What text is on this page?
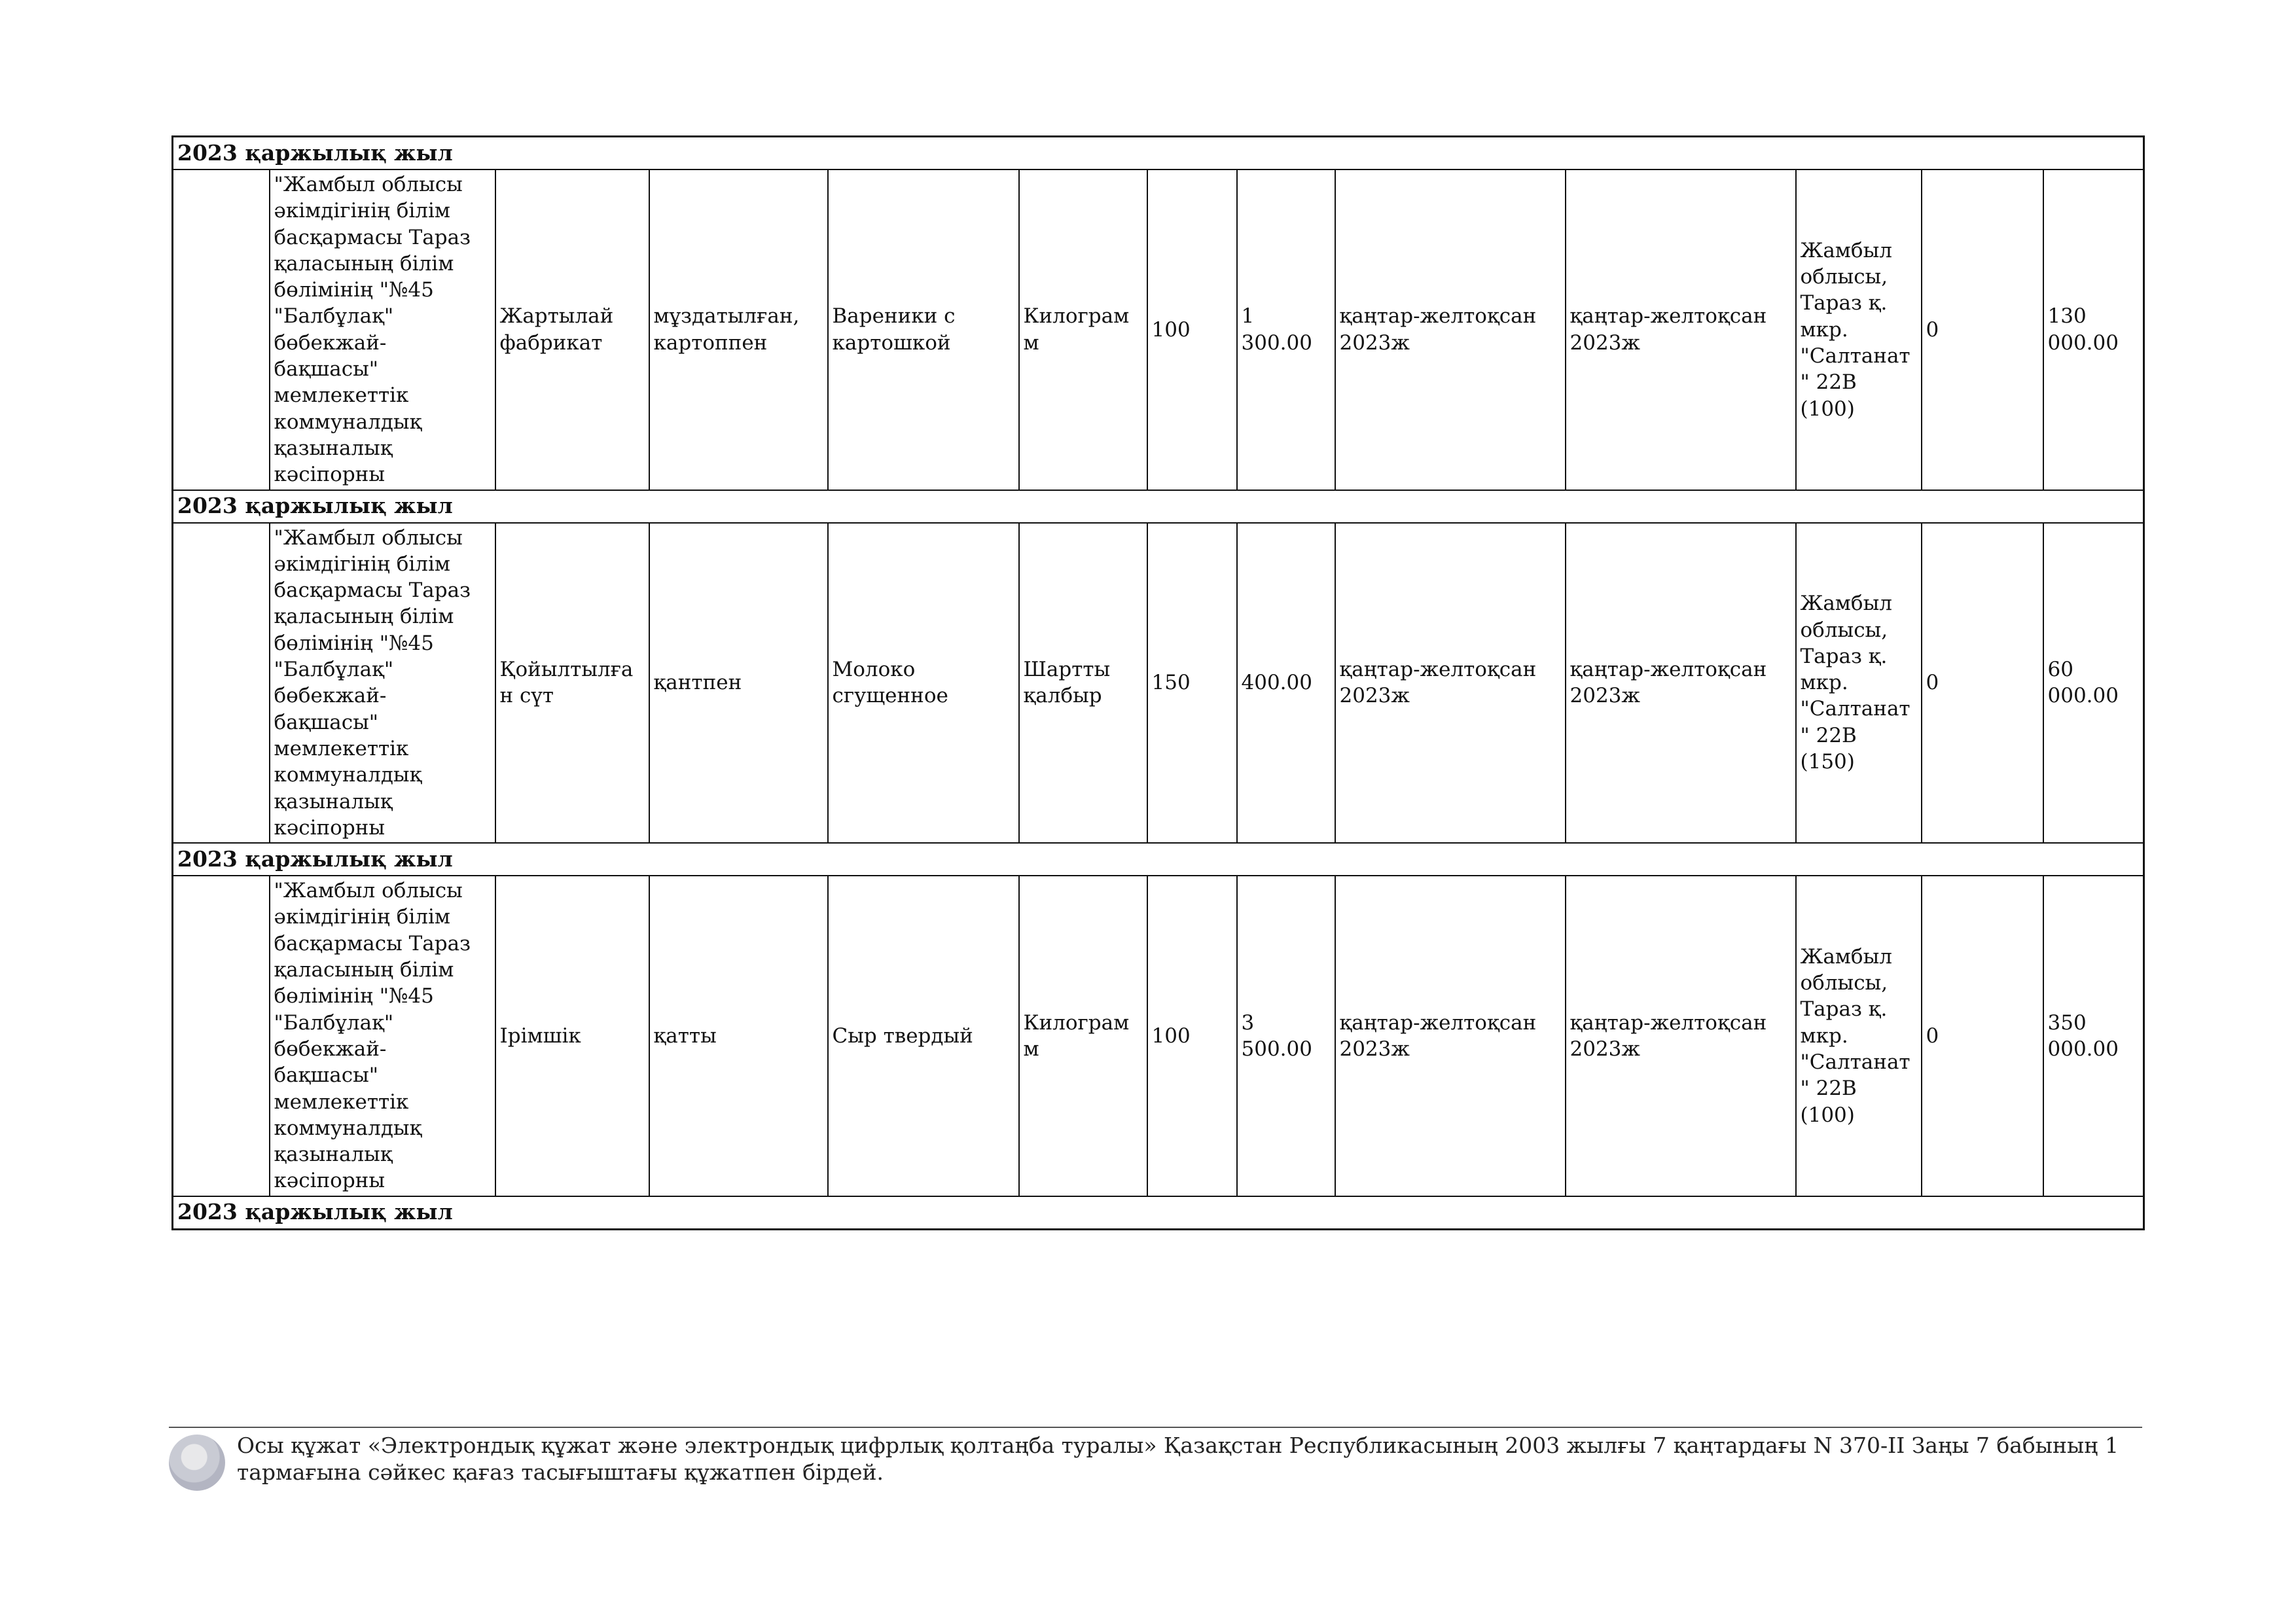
2023 қаржылық жыл												
	"Жамбыл облысы әкімдігінің білім басқармасы Тараз қаласының білім бөлімінің "№45 "Балбұлақ" бөбекжай-бақшасы" мемлекеттік коммуналдық қазыналық кәсіпорны	Жартылай фабрикат	мұздатылған, картоппен	Вареники с картошкой	Килограмм	100	1 300.00	қаңтар-желтоқсан 2023ж	қаңтар-желтоқсан 2023ж	Жамбыл облысы, Тараз қ. мкр. "Салтанат" 22В (100)	0	130 000.00
2023 қаржылық жыл												
	"Жамбыл облысы әкімдігінің білім басқармасы Тараз қаласының білім бөлімінің "№45 "Балбұлақ" бөбекжай-бақшасы" мемлекеттік коммуналдық қазыналық кәсіпорны	Қойылтылған сүт	қантпен	Молоко сгущенное	Шартты қалбыр	150	400.00	қаңтар-желтоқсан 2023ж	қаңтар-желтоқсан 2023ж	Жамбыл облысы, Тараз қ. мкр. "Салтанат" 22В (150)	0	60 000.00
2023 қаржылық жыл												
	"Жамбыл облысы әкімдігінің білім басқармасы Тараз қаласының білім бөлімінің "№45 "Балбұлақ" бөбекжай-бақшасы" мемлекеттік коммуналдық қазыналық кәсіпорны	Ірімшік	қатты	Сыр твердый	Килограмм	100	3 500.00	қаңтар-желтоқсан 2023ж	қаңтар-желтоқсан 2023ж	Жамбыл облысы, Тараз қ. мкр. "Салтанат" 22В (100)	0	350 000.00
2023 қаржылық жыл												
Осы құжат «Электрондық құжат және электрондық цифрлық қолтаңба туралы» Қазақстан Республикасының 2003 жылғы 7 қаңтардағы N 370-II Заңы 7 бабының 1 тармағына сәйкес қағаз тасығыштағы құжатпен бірдей.
